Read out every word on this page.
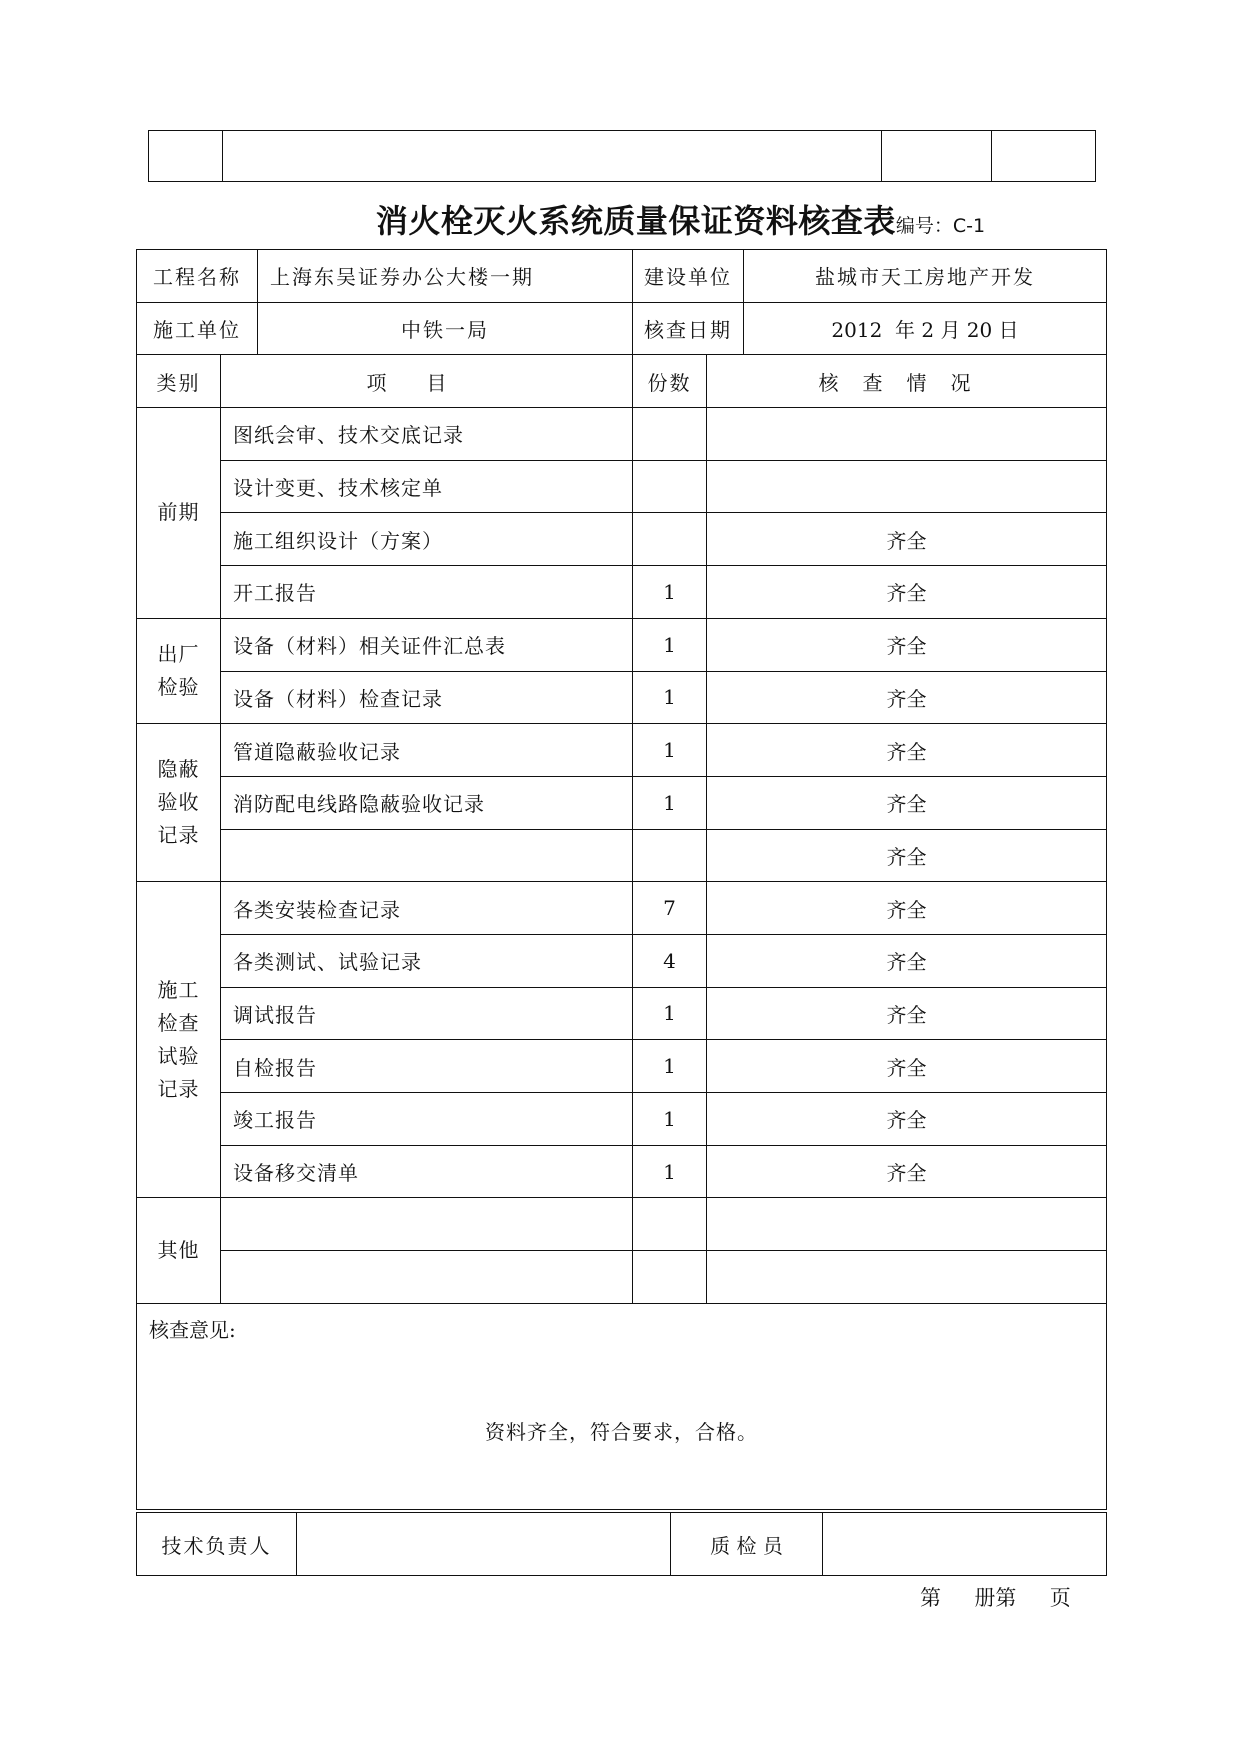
消火栓灭火系统质量保证资料核查表编号：C-1
工程名称		上海东吴证券办公大楼一期	建设单位		盐城市天工房地产开发
施工单位		中铁一局	核查日期		2012  年 2 月 20 日
类别	项目		份数	核查情况	

前期	图纸会审、技术交底记录				
	设计变更、技术核定单				
	施工组织设计（方案）			齐全	
	开工报告		1	齐全	

出厂检验	设备（材料）相关证件汇总表		1	齐全	
	设备（材料）检查记录		1	齐全	

隐蔽验收记录	管道隐蔽验收记录		1	齐全	
	消防配电线路隐蔽验收记录		1	齐全	
				齐全	

施工检查试验记录	各类安装检查记录		7	齐全	
	各类测试、试验记录		4	齐全	
	调试报告		1	齐全	
	自检报告		1	齐全	
	竣工报告		1	齐全	
	设备移交清单		1	齐全	

其他					

核查意见:
资料齐全，符合要求，合格。					
技术负责人		质 检 员	
第     册第     页
